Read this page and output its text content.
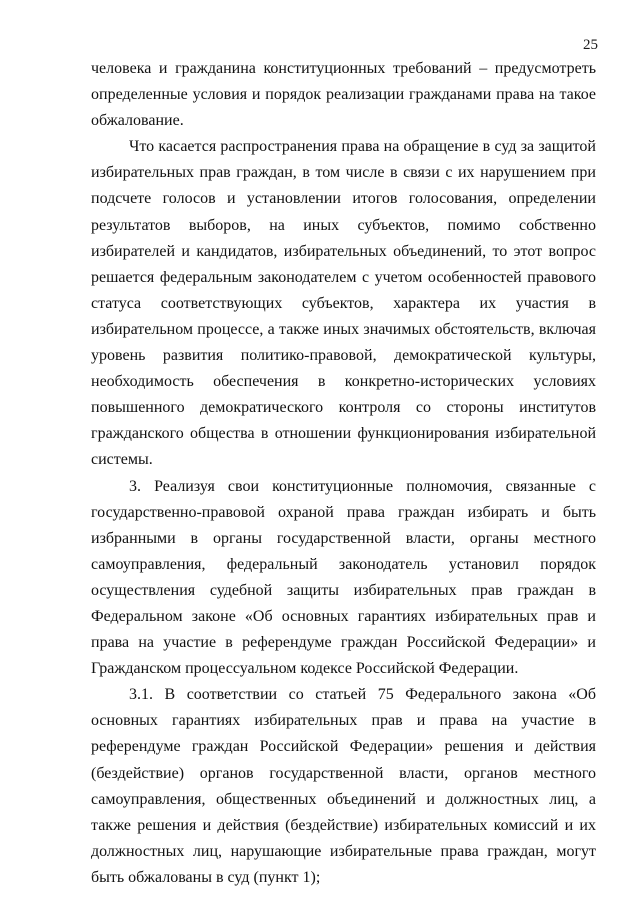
25

человека и гражданина конституционных требований – предусмотреть определенные условия и порядок реализации гражданами права на такое обжалование.

Что касается распространения права на обращение в суд за защитой избирательных прав граждан, в том числе в связи с их нарушением при подсчете голосов и установлении итогов голосования, определении результатов выборов, на иных субъектов, помимо собственно избирателей и кандидатов, избирательных объединений, то этот вопрос решается федеральным законодателем с учетом особенностей правового статуса соответствующих субъектов, характера их участия в избирательном процессе, а также иных значимых обстоятельств, включая уровень развития политико-правовой, демократической культуры, необходимость обеспечения в конкретно-исторических условиях повышенного демократического контроля со стороны институтов гражданского общества в отношении функционирования избирательной системы.

3. Реализуя свои конституционные полномочия, связанные с государственно-правовой охраной права граждан избирать и быть избранными в органы государственной власти, органы местного самоуправления, федеральный законодатель установил порядок осуществления судебной защиты избирательных прав граждан в Федеральном законе «Об основных гарантиях избирательных прав и права на участие в референдуме граждан Российской Федерации» и Гражданском процессуальном кодексе Российской Федерации.

3.1. В соответствии со статьей 75 Федерального закона «Об основных гарантиях избирательных прав и права на участие в референдуме граждан Российской Федерации» решения и действия (бездействие) органов государственной власти, органов местного самоуправления, общественных объединений и должностных лиц, а также решения и действия (бездействие) избирательных комиссий и их должностных лиц, нарушающие избирательные права граждан, могут быть обжалованы в суд (пункт 1);
